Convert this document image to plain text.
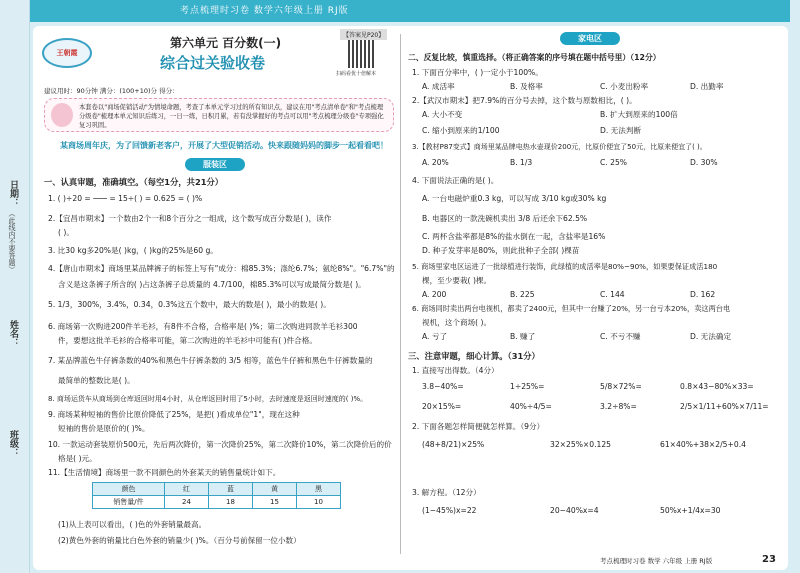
日期：
（此线内不要答题）
姓名：
班级：
考点梳理时习卷 数学六年级上册 RJ版
王朝霞
第六单元 百分数(一)
综合过关验收卷
【答案见P20】
扫码看优十倍解本
建议用时：90分钟 满分：(100+10)分 得分：
本套卷以"商场促销活动"为情境命题，考查了本单元学习过的所有知识点，建议在用"考点清单卷"和"考点梳理分级卷"梳理本单元知识后练习，一日一练，日积月累，若有没掌握好的考点可以用"考点梳理分级卷"专项强化复习巩固。
某商场周年庆，为了回馈新老客户，开展了大型促销活动。快来跟随妈妈的脚步一起看看吧！
服装区
家电区
一、认真审题，准确填空。（每空1分，共21分）
1. ( )÷20 = ─── = 15÷( ) = 0.625 = ( )%
2.【宜昌市期末】一个数由2个一和8个百分之一组成，这个数写成百分数是( )，读作
( )。
3. 比30 kg多20%是( )kg，( )kg的25%是60 g。
4.【唐山市期末】商场里某品牌裤子的标签上写有"成分：棉85.3%；涤纶6.7%；氨纶8%"。"6.7%"的
含义是这条裤子所含的( )占这条裤子总质量的 4.7/100，棉85.3%可以写成最简分数是( )。
5. 1/3，300%，3.4%，0.3̇4̇，0.3%这五个数中，最大的数是( )，最小的数是( )。
6. 商场第一次购进200件羊毛衫，有8件不合格，合格率是( )%；第二次购进同款羊毛衫300
件，要想这批羊毛衫的合格率可能，第二次购进的羊毛衫中可能有( )件合格。
7. 某品牌蓝色牛仔裤条数的40%和黑色牛仔裤条数的 3/5 相等，蓝色牛仔裤和黑色牛仔裤数量的
最简单的整数比是( )。
8. 商场运货车从商场到仓库返回时用4小时，从仓库返回时用了5小时，去时速度是返回时速度的( )%。
9. 商场某种短袖的售价比原价降低了25%，是把( )看成单位"1"，现在这种
短袖的售价是原价的( )%。
10. 一款运动套装原价500元，先后两次降价，第一次降价25%，第二次降价10%，第二次降价后的价
格是( )元。
11.【生活情境】商场里一款不同颜色的外套某天的销售量统计如下。
颜色	红	蓝	黄	黑
销售量/件	24	18	15	10
(1)从上表可以看出，( )色的外套销量最高。
(2)黄色外套的销量比白色外套的销量少( )%。（百分号前保留一位小数）
二、反复比较，慎重选择。（将正确答案的序号填在题中括号里）（12分）
1. 下面百分率中，( )一定小于100%。
A. 成活率	B. 及格率	C. 小麦出粉率	D. 出勤率
2.【武汉市期末】把7.9%的百分号去掉，这个数与原数相比，( )。
A. 大小不变	B. 扩大到原来的100倍
C. 缩小到原来的1/100	D. 无法判断
3.【教材P87变式】商场里某品牌电热水壶现价200元，比原价便宜了50元，比原来便宜了( )。
A. 20%	B. 1/3	C. 25%	D. 30%
4. 下面说法正确的是( )。
A. 一台电磁炉重0.3 kg，可以写成 3/10 kg或30% kg
B. 电器区的一款洗碗机卖出 3/8 后还余下62.5%
C. 两杯含盐率都是8%的盐水倒在一起，含盐率是16%
D. 种子发芽率是80%，则此批种子全部( )棵苗
5. 商场里家电区运进了一批绿植进行装饰，此绿植的成活率是80%~90%，如果要保证成活180
棵，至少要栽( )棵。
A. 200	B. 225	C. 144	D. 162
6. 商场同时卖出两台电视机，都卖了2400元，但其中一台赚了20%，另一台亏本20%，卖这两台电
视机，这个商场( )。
A. 亏了	B. 赚了	C. 不亏不赚	D. 无法确定
三、注意审题，细心计算。（31分）
1. 直接写出得数。（4分）
3.8−40%=	1÷25%=	5/8×72%=	0.8×43−80%×33=
20×15%=	40%÷4/5=	3.2÷8%=	2/5×1/11+60%×7/11=
2. 下面各题怎样简便就怎样算。（9分）
(48+8/21)×25%	32×25%×0.125	61×40%+38×2/5+0.4
3. 解方程。（12分）
(1−45%)x=22	20−40%x=4	50%x+1/4x=30
考点梳理时习卷 数学 六年级 上册 RJ版	23
